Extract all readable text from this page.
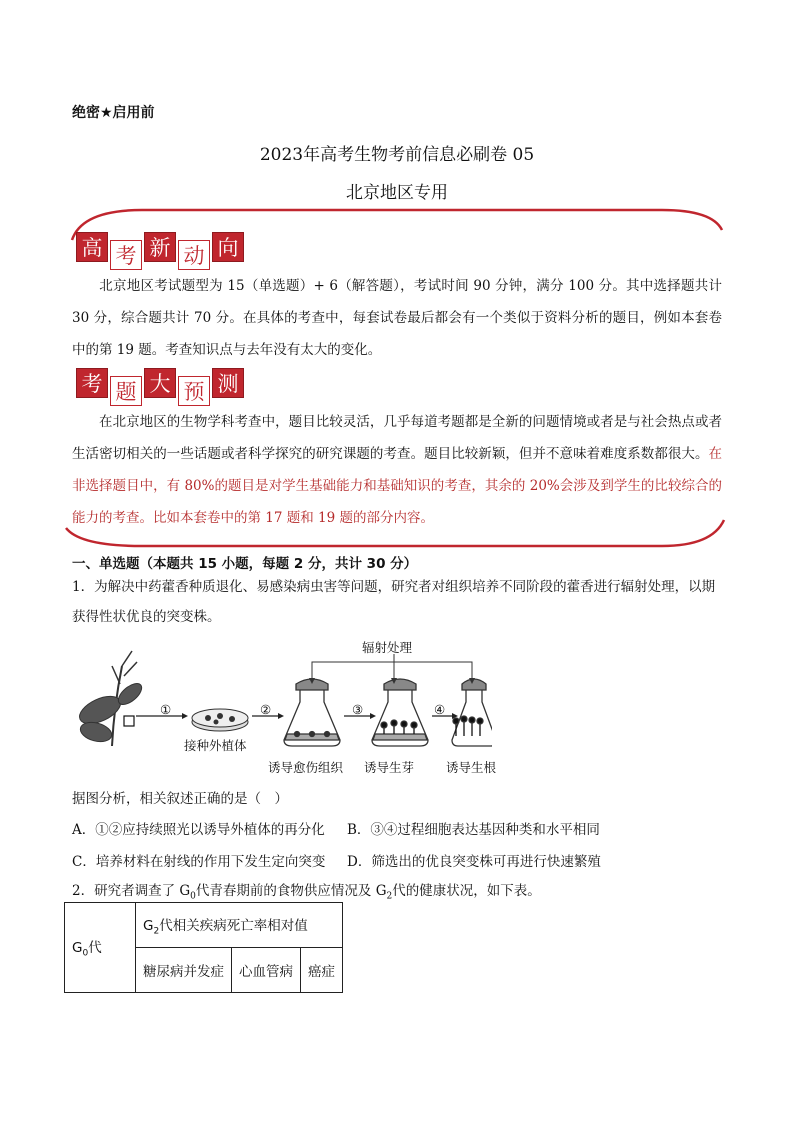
绝密★启用前
2023年高考生物考前信息必刷卷 05
北京地区专用
高 考 新 动 向

北京地区考试题型为 15（单选题）+ 6（解答题），考试时间 90 分钟，满分 100 分。其中选择题共计 30 分，综合题共计 70 分。在具体的考查中，每套试卷最后都会有一个类似于资料分析的题目，例如本套卷中的第 19 题。考查知识点与去年没有太大的变化。

考 题 大 预 测

在北京地区的生物学科考查中，题目比较灵活，几乎每道考题都是全新的问题情境或者是与社会热点或者生活密切相关的一些话题或者科学探究的研究课题的考查。题目比较新颖，但并不意味着难度系数都很大。在非选择题目中，有 80%的题目是对学生基础能力和基础知识的考查，其余的 20%会涉及到学生的比较综合的能力的考查。比如本套卷中的第 17 题和 19 题的部分内容。

一、单选题（本题共 15 小题，每题 2 分，共计 30 分）

1．为解决中药藿香种质退化、易感染病虫害等问题，研究者对组织培养不同阶段的藿香进行辐射处理，以期获得性状优良的突变株。

辐射处理
①	②	③	④
接种外植体
诱导愈伤组织 诱导生芽	诱导生根
据图分析，相关叙述正确的是（　）
A．①②应持续照光以诱导外植体的再分化 B．③④过程细胞表达基因种类和水平相同
C．培养材料在射线的作用下发生定向突变 D．筛选出的优良突变株可再进行快速繁殖
2．研究者调查了 $G_0$代青春期前的食物供应情况及 $G_2$代的健康状况，如下表。
$G_0$代	$G_2$代相关疾病死亡率相对值		
	糖尿病并发症	心血管病	癌症
